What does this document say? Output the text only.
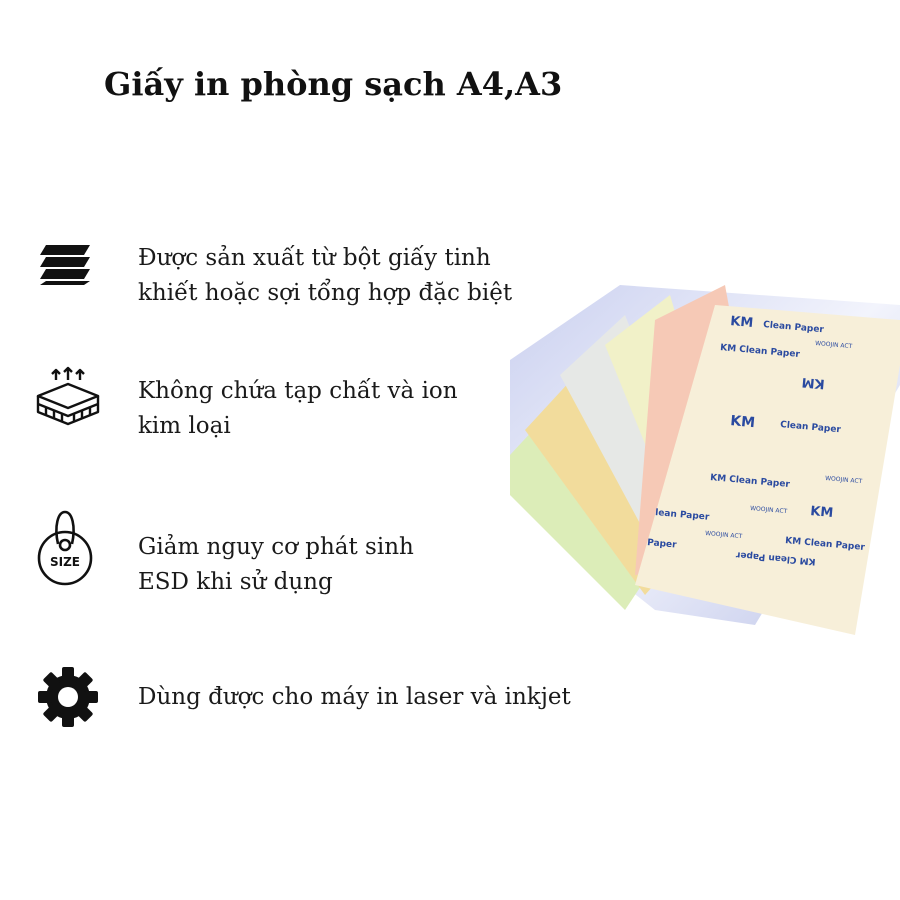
Giấy in phòng sạch A4,A3
Được sản xuất từ bột giấy tinh
khiết hoặc sợi tổng hợp đặc biệt
Không chứa tạp chất và ion
kim loại
SIZE
Giảm nguy cơ phát sinh
ESD khi sử dụng
Dùng được cho máy in laser và inkjet
KM Clean Paper
KM Clean Paper
KM
KM	Clean Paper
KM Clean Paper
KM
lean Paper
KM Clean Paper
Paper
KM Clean Paper
WOOJIN ACT
WOOJIN ACT
WOOJIN ACT
WOOJIN ACT
